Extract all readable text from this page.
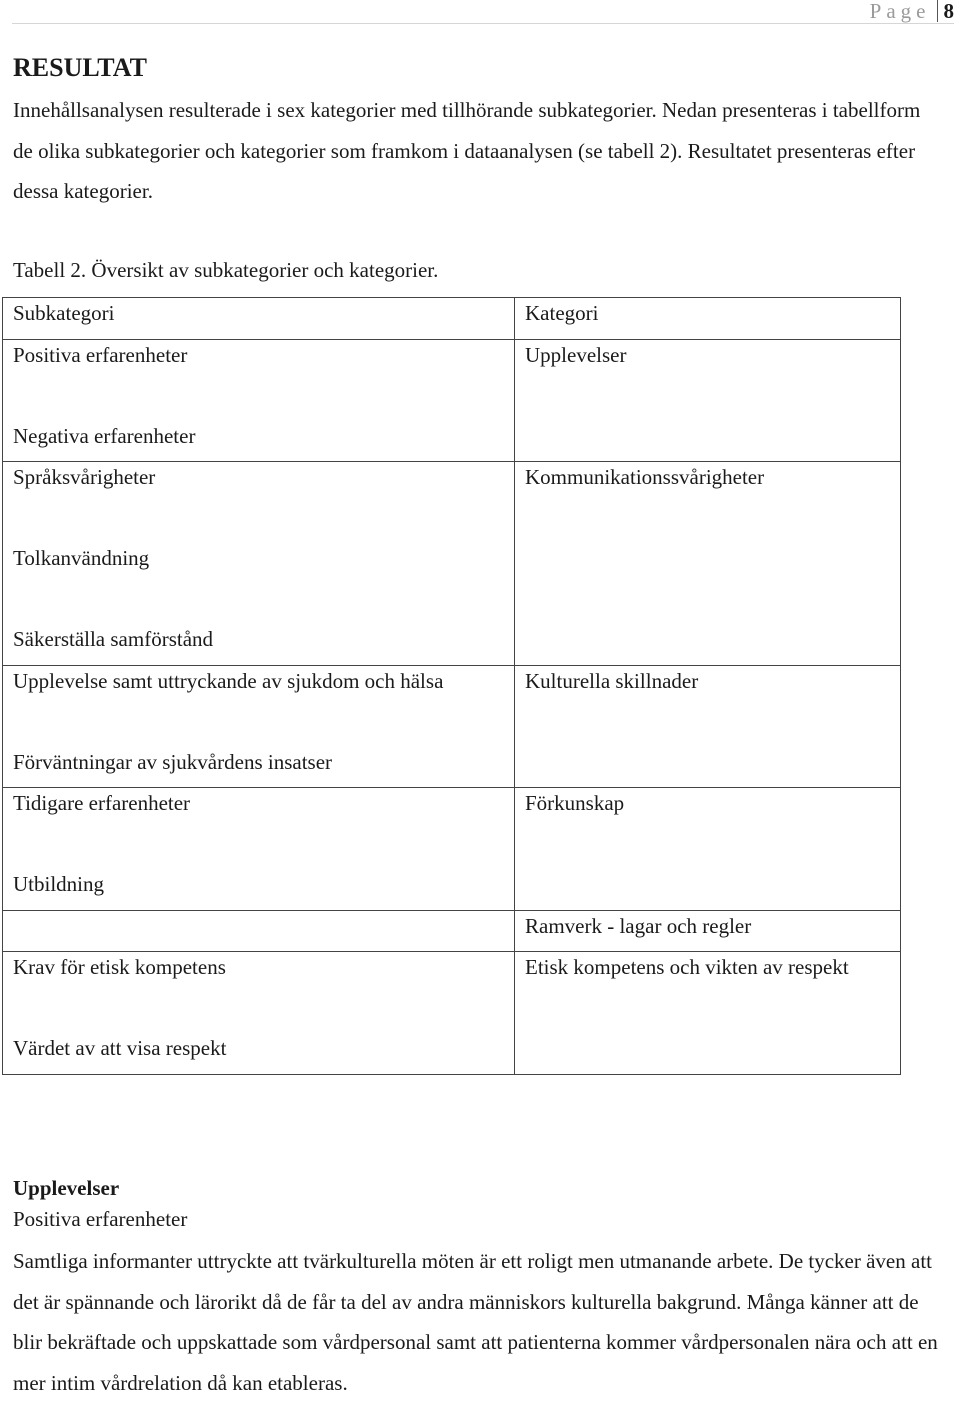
Page 8
RESULTAT

Innehållsanalysen resulterade i sex kategorier med tillhörande subkategorier. Nedan presenteras i tabellform de olika subkategorier och kategorier som framkom i dataanalysen (se tabell 2). Resultatet presenteras efter dessa kategorier.

Tabell 2. Översikt av subkategorier och kategorier.
Subkategori	Kategori

Positiva erfarenheter
Negativa erfarenheter	Upplevelser

Språksvårigheter
Tolkanvändning
Säkerställa samförstånd	Kommunikationssvårigheter

Upplevelse samt uttryckande av sjukdom och hälsa
Förväntningar av sjukvårdens insatser	Kulturella skillnader

Tidigare erfarenheter
Utbildning	Förkunskap

	Ramverk - lagar och regler

Krav för etisk kompetens
Värdet av att visa respekt	Etisk kompetens och vikten av respekt
Upplevelser
Positiva erfarenheter

Samtliga informanter uttryckte att tvärkulturella möten är ett roligt men utmanande arbete. De tycker även att det är spännande och lärorikt då de får ta del av andra människors kulturella bakgrund. Många känner att de blir bekräftade och uppskattade som vårdpersonal samt att patienterna kommer vårdpersonalen nära och att en mer intim vårdrelation då kan etableras.
